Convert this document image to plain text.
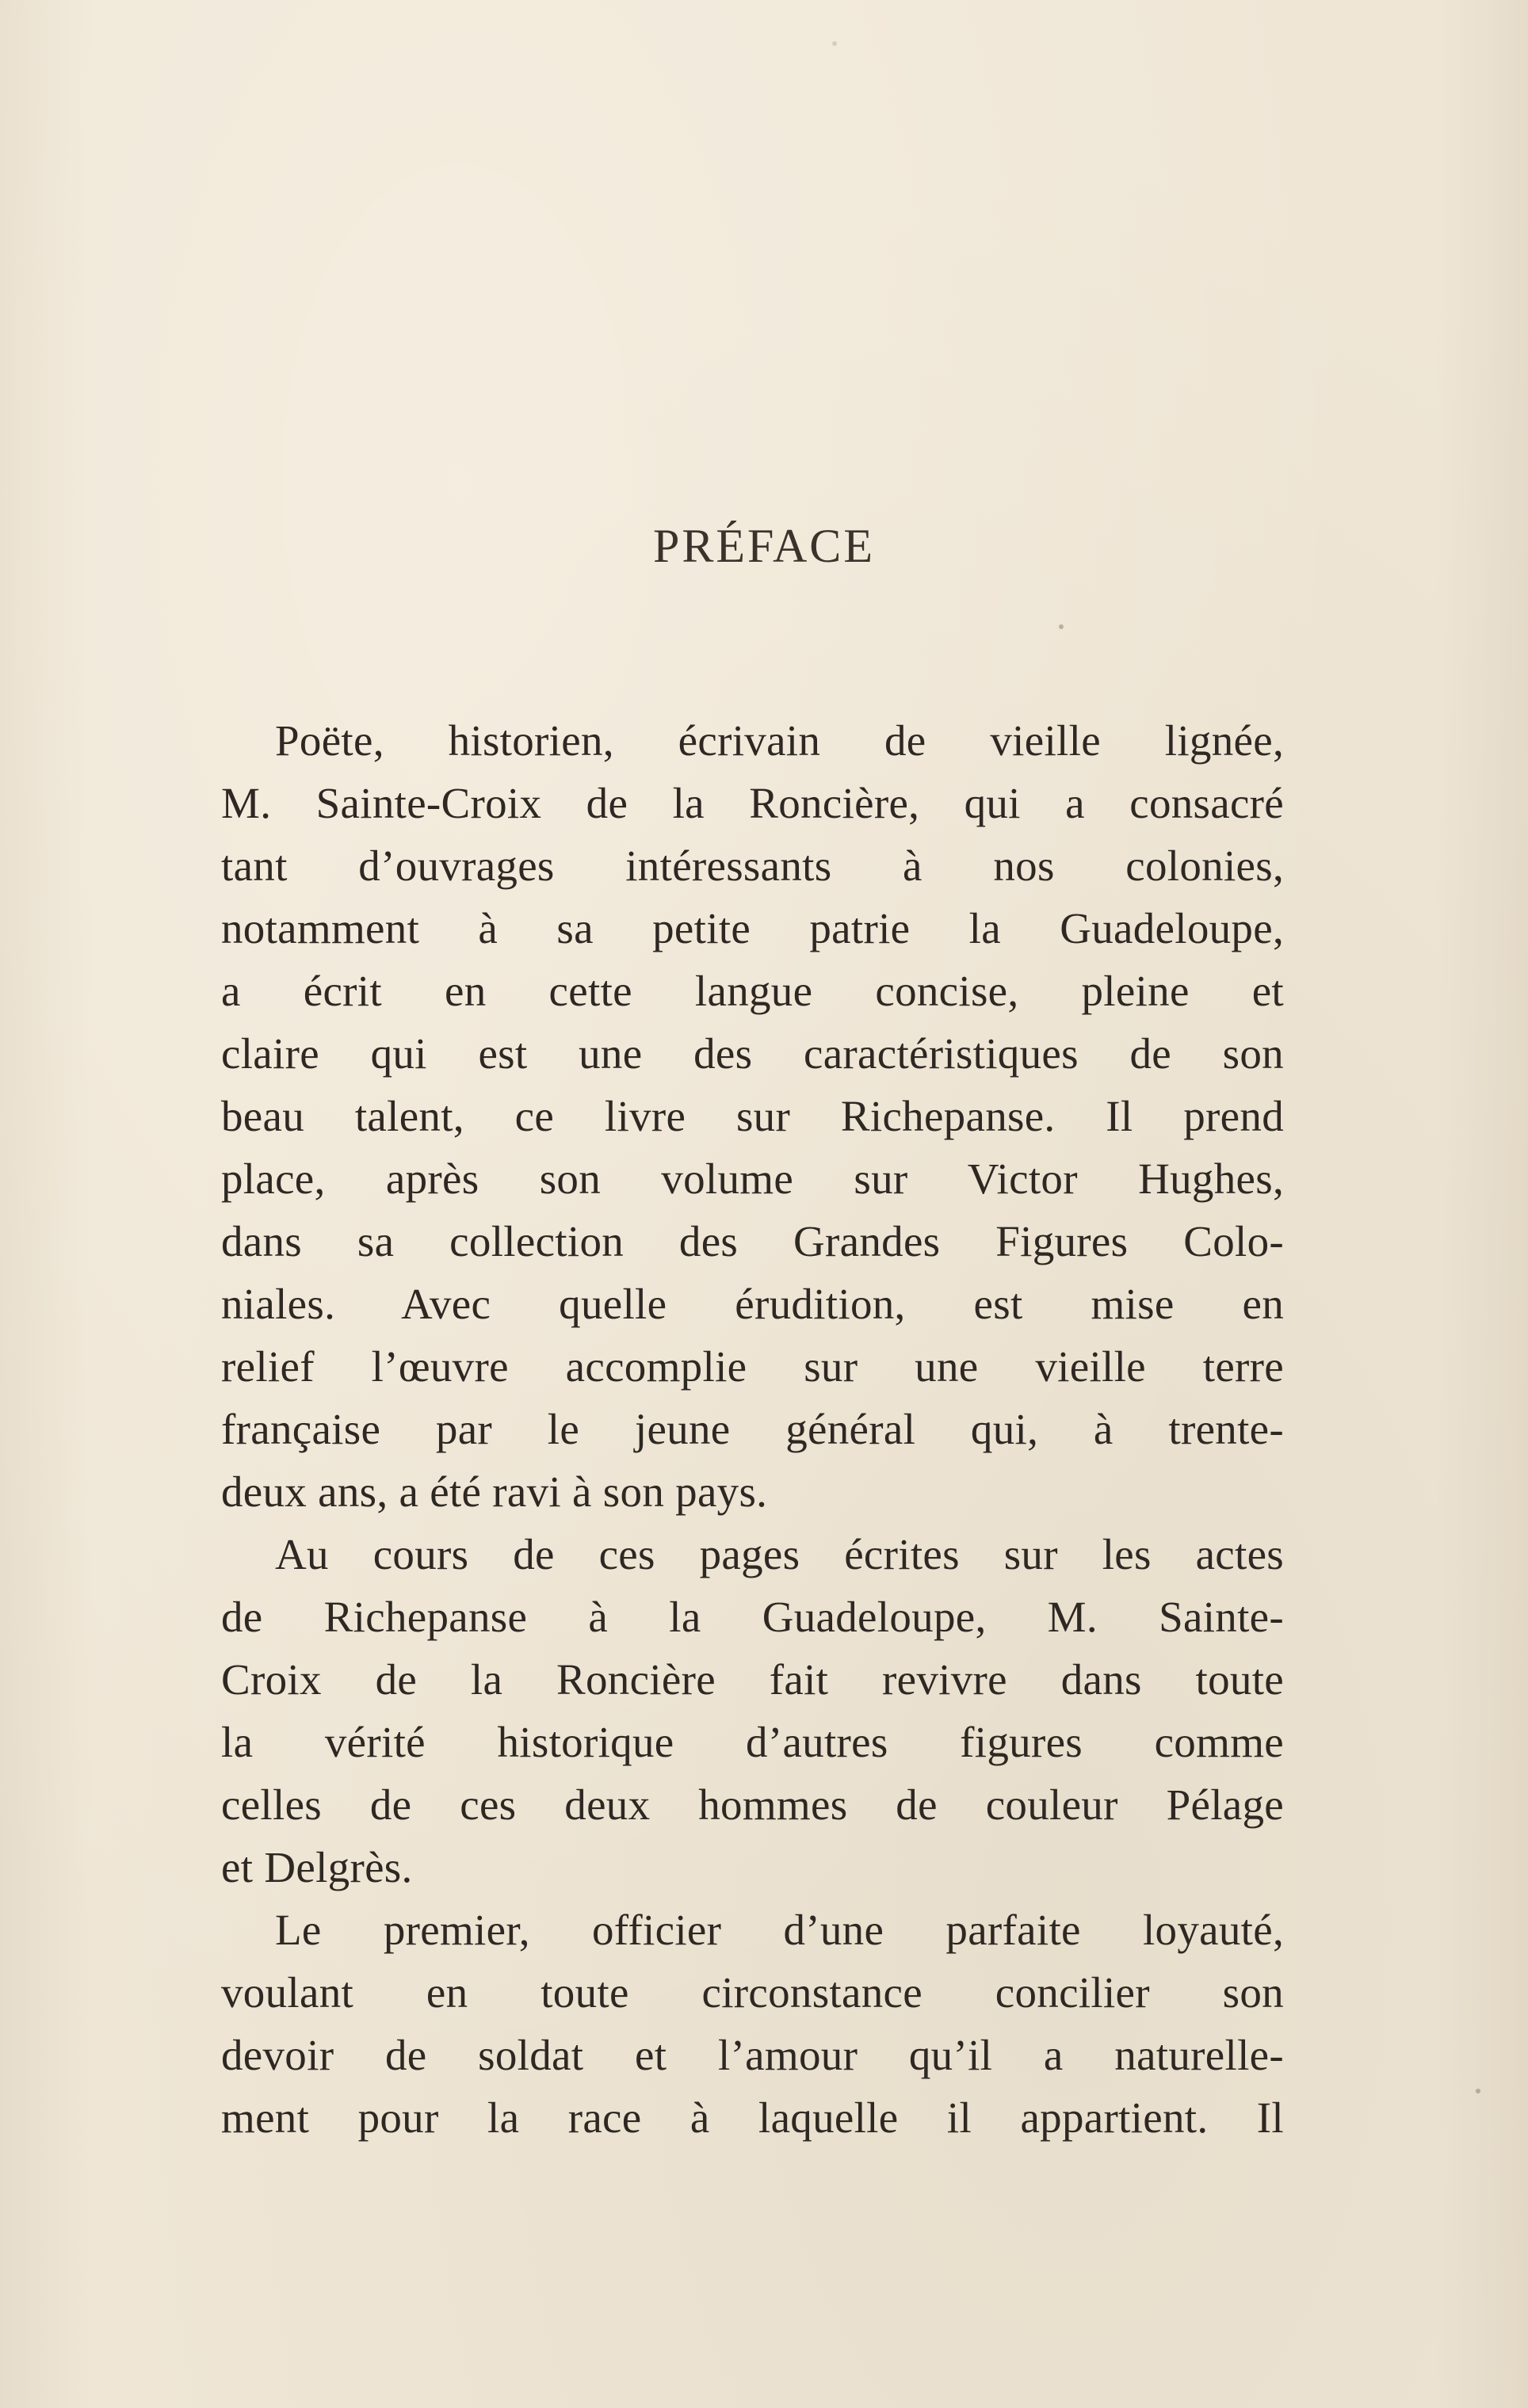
PRÉFACE
Poëte, historien, écrivain de vieille lignée,
M. Sainte-Croix de la Roncière, qui a consacré
tant d’ouvrages intéressants à nos colonies,
notamment à sa petite patrie la Guadeloupe,
a écrit en cette langue concise, pleine et
claire qui est une des caractéristiques de son
beau talent, ce livre sur Richepanse. Il prend
place, après son volume sur Victor Hughes,
dans sa collection des Grandes Figures Colo-
niales. Avec quelle érudition, est mise en
relief l’œuvre accomplie sur une vieille terre
française par le jeune général qui, à trente-
deux ans, a été ravi à son pays.
Au cours de ces pages écrites sur les actes
de Richepanse à la Guadeloupe, M. Sainte-
Croix de la Roncière fait revivre dans toute
la vérité historique d’autres figures comme
celles de ces deux hommes de couleur Pélage
et Delgrès.
Le premier, officier d’une parfaite loyauté,
voulant en toute circonstance concilier son
devoir de soldat et l’amour qu’il a naturelle-
ment pour la race à laquelle il appartient. Il
